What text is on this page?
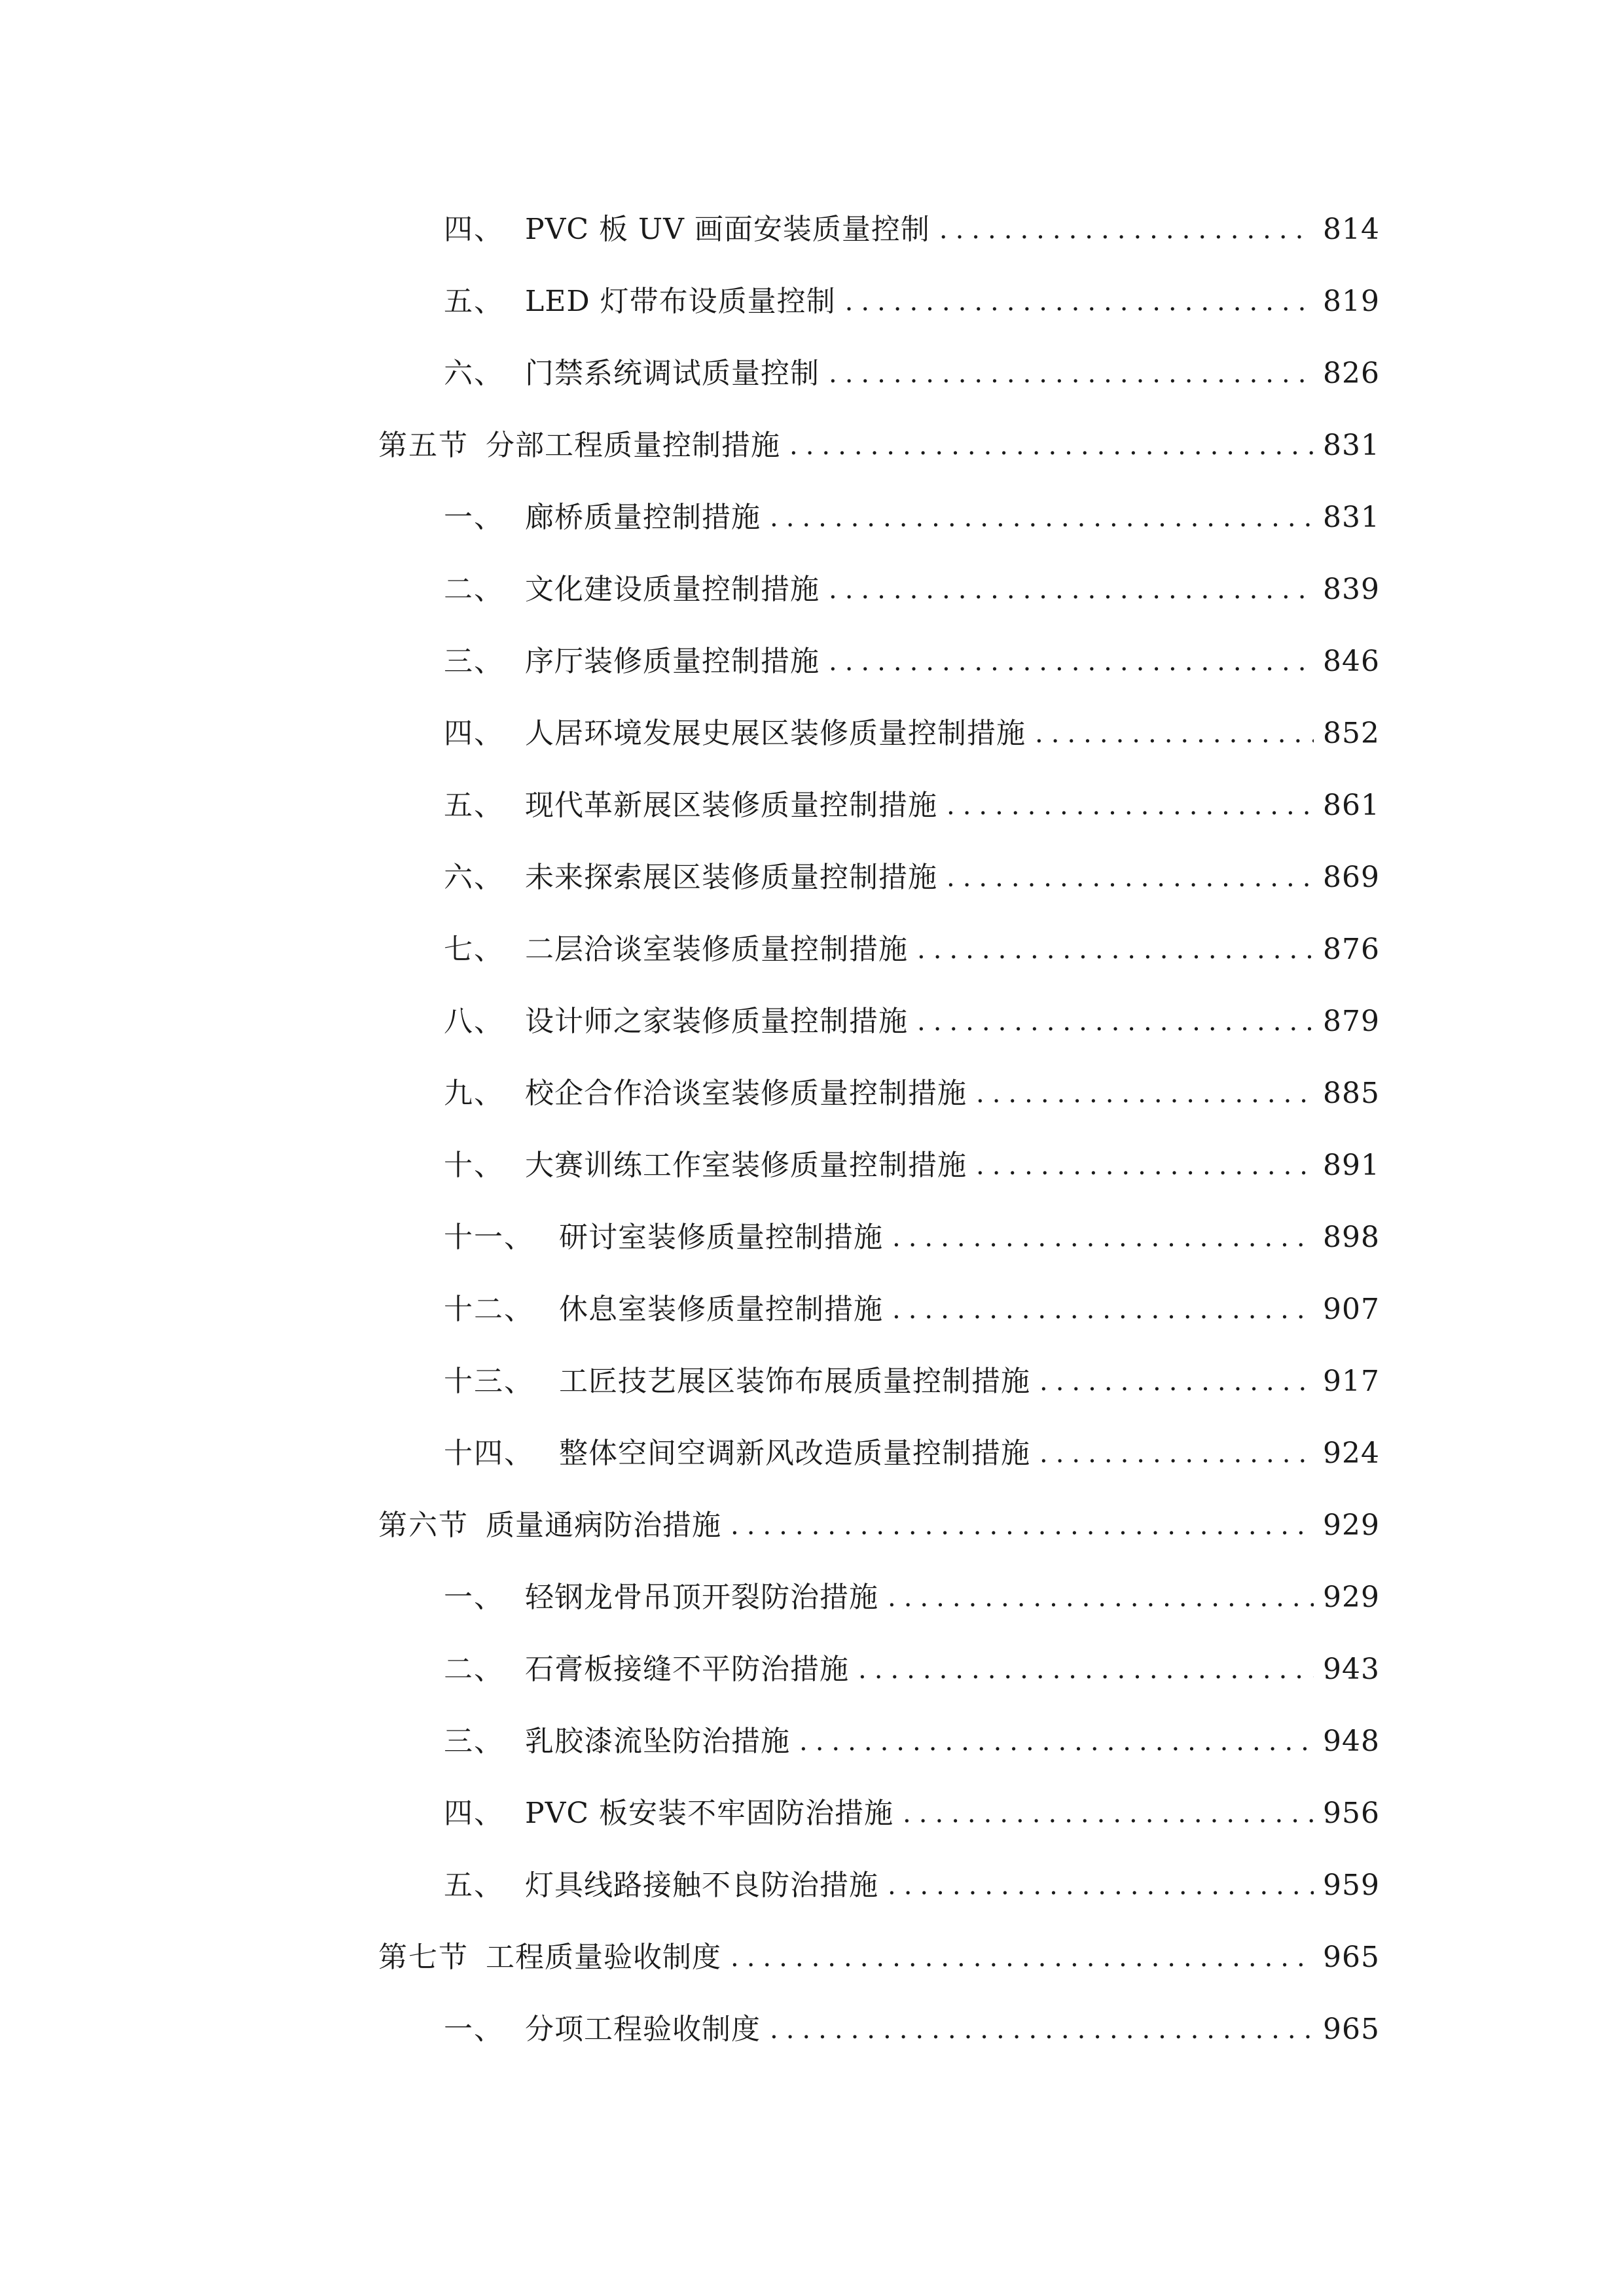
四、 PVC 板 UV 画面安装质量控制 .....	814
五、 LED 灯带布设质量控制 .....	819
六、 门禁系统调试质量控制 .....	826
第五节 分部工程质量控制措施 .....	831
一、 廊桥质量控制措施 .....	831
二、 文化建设质量控制措施 .....	839
三、 序厅装修质量控制措施 .....	846
四、 人居环境发展史展区装修质量控制措施 .....	852
五、 现代革新展区装修质量控制措施 .....	861
六、 未来探索展区装修质量控制措施 .....	869
七、 二层洽谈室装修质量控制措施 .....	876
八、 设计师之家装修质量控制措施 .....	879
九、 校企合作洽谈室装修质量控制措施 .....	885
十、 大赛训练工作室装修质量控制措施 .....	891
十一、 研讨室装修质量控制措施 .....	898
十二、 休息室装修质量控制措施 .....	907
十三、 工匠技艺展区装饰布展质量控制措施 .....	917
十四、 整体空间空调新风改造质量控制措施 .....	924
第六节 质量通病防治措施 .....	929
一、 轻钢龙骨吊顶开裂防治措施 .....	929
二、 石膏板接缝不平防治措施 .....	943
三、 乳胶漆流坠防治措施 .....	948
四、 PVC 板安装不牢固防治措施 .....	956
五、 灯具线路接触不良防治措施 .....	959
第七节 工程质量验收制度 .....	965
一、 分项工程验收制度 .....	965
